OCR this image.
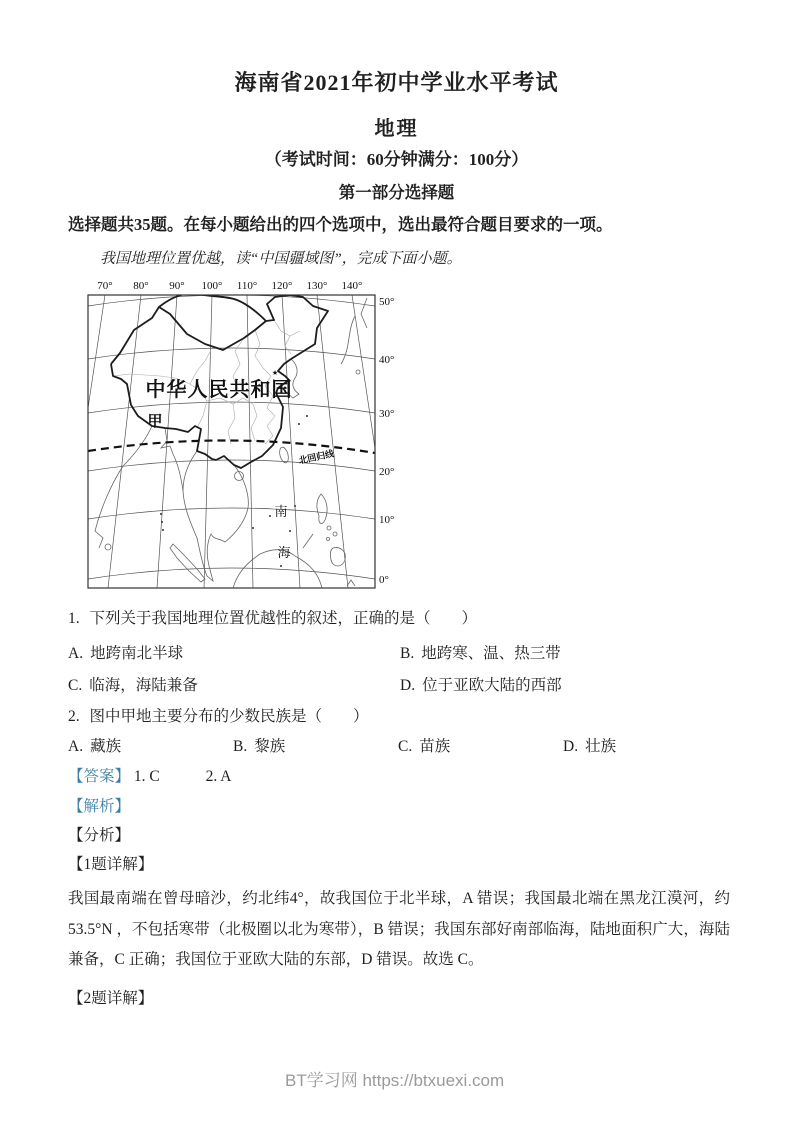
海南省2021年初中学业水平考试
地理
（考试时间：60分钟满分：100分）
第一部分选择题
选择题共35题。在每小题给出的四个选项中，选出最符合题目要求的一项。
我国地理位置优越，读“中国疆域图”，完成下面小题。
70° 80° 90° 100° 110° 120° 130° 140°
50°
40°
30°
20°
10°
0°
中华人民共和国
甲
南
海
北回归线
★
1. 下列关于我国地理位置优越性的叙述，正确的是（　　）
A. 地跨南北半球	B. 地跨寒、温、热三带
C. 临海，海陆兼备	D. 位于亚欧大陆的西部
2. 图中甲地主要分布的少数民族是（　　）
A. 藏族	B. 黎族	C. 苗族	D. 壮族
【答案】 1. C	2. A
【解析】
【分析】
【1题详解】
我国最南端在曾母暗沙，约北纬4°，故我国位于北半球，A 错误；我国最北端在黑龙江漠河，约 53.5°N ，不包括寒带（北极圈以北为寒带），B 错误；我国东部好南部临海，陆地面积广大，海陆兼备，C 正确；我国位于亚欧大陆的东部，D 错误。故选 C。
【2题详解】
BT学习网 https://btxuexi.com
